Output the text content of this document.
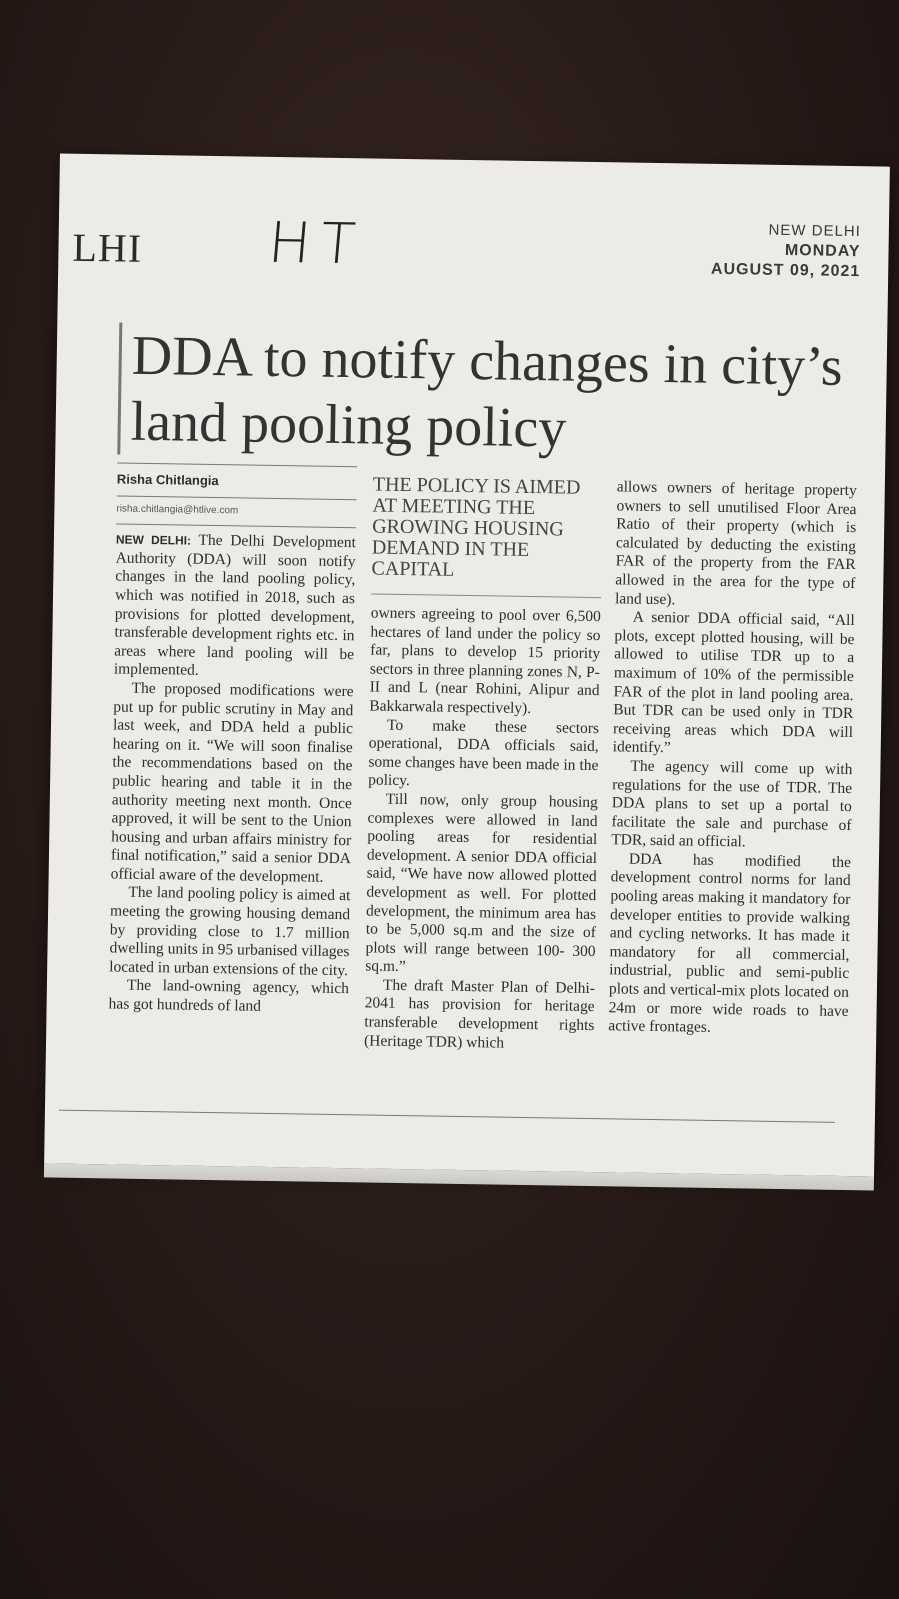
LHI HT	NEW DELHI
MONDAY
AUGUST 09, 2021
DDA to notify changes in city’s land pooling policy
Risha Chitlangia
risha.chitlangia@htlive.com

NEW DELHI: The Delhi Development Authority (DDA) will soon notify changes in the land pooling policy, which was notified in 2018, such as provisions for plotted development, transferable development rights etc. in areas where land pooling will be implemented.

The proposed modifications were put up for public scrutiny in May and last week, and DDA held a public hearing on it. “We will soon finalise the recommendations based on the public hearing and table it in the authority meeting next month. Once approved, it will be sent to the Union housing and urban affairs ministry for final notification,” said a senior DDA official aware of the development.

The land pooling policy is aimed at meeting the growing housing demand by providing close to 1.7 million dwelling units in 95 urbanised villages located in urban extensions of the city.

The land-owning agency, which has got hundreds of land

THE POLICY IS AIMED AT MEETING THE GROWING HOUSING DEMAND IN THE CAPITAL

owners agreeing to pool over 6,500 hectares of land under the policy so far, plans to develop 15 priority sectors in three planning zones N, P-II and L (near Rohini, Alipur and Bakkarwala respectively).

To make these sectors operational, DDA officials said, some changes have been made in the policy.

Till now, only group housing complexes were allowed in land pooling areas for residential development. A senior DDA official said, “We have now allowed plotted development as well. For plotted development, the minimum area has to be 5,000 sq.m and the size of plots will range between 100- 300 sq.m.”

The draft Master Plan of Delhi-2041 has provision for heritage transferable development rights (Heritage TDR) which

allows owners of heritage property owners to sell unutilised Floor Area Ratio of their property (which is calculated by deducting the existing FAR of the property from the FAR allowed in the area for the type of land use).

A senior DDA official said, “All plots, except plotted housing, will be allowed to utilise TDR up to a maximum of 10% of the permissible FAR of the plot in land pooling area. But TDR can be used only in TDR receiving areas which DDA will identify.”

The agency will come up with regulations for the use of TDR. The DDA plans to set up a portal to facilitate the sale and purchase of TDR, said an official.

DDA has modified the development control norms for land pooling areas making it mandatory for developer entities to provide walking and cycling networks. It has made it mandatory for all commercial, industrial, public and semi-public plots and vertical-mix plots located on 24m or more wide roads to have active frontages.
